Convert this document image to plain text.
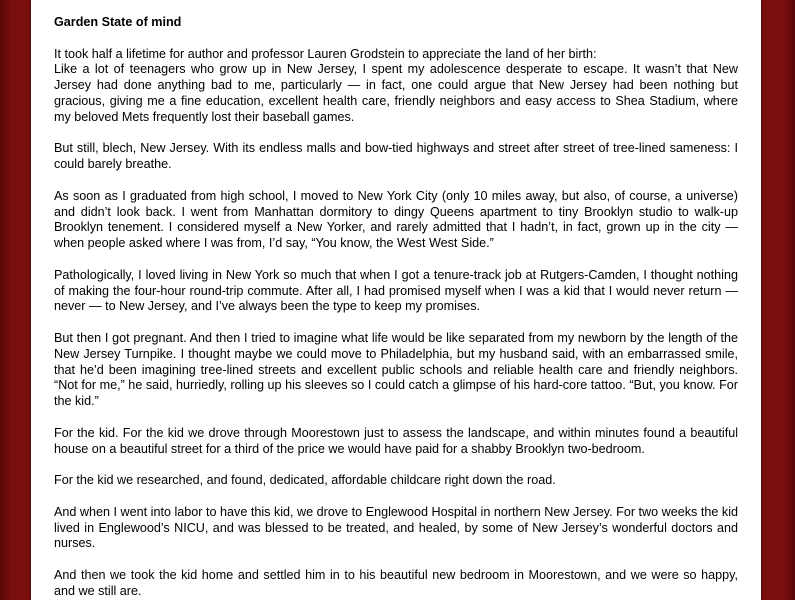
Garden State of mind
It took half a lifetime for author and professor Lauren Grodstein to appreciate the land of her birth:
Like a lot of teenagers who grow up in New Jersey, I spent my adolescence desperate to escape. It wasn’t that New Jersey had done anything bad to me, particularly — in fact, one could argue that New Jersey had been nothing but gracious, giving me a fine education, excellent health care, friendly neighbors and easy access to Shea Stadium, where my beloved Mets frequently lost their baseball games.
But still, blech, New Jersey. With its endless malls and bow-tied highways and street after street of tree-lined sameness: I could barely breathe.
As soon as I graduated from high school, I moved to New York City (only 10 miles away, but also, of course, a universe) and didn’t look back. I went from Manhattan dormitory to dingy Queens apartment to tiny Brooklyn studio to walk-up Brooklyn tenement. I considered myself a New Yorker, and rarely admitted that I hadn’t, in fact, grown up in the city — when people asked where I was from, I’d say, “You know, the West West Side.”
Pathologically, I loved living in New York so much that when I got a tenure-track job at Rutgers-Camden, I thought nothing of making the four-hour round-trip commute. After all, I had promised myself when I was a kid that I would never return — never — to New Jersey, and I’ve always been the type to keep my promises.
But then I got pregnant. And then I tried to imagine what life would be like separated from my newborn by the length of the New Jersey Turnpike. I thought maybe we could move to Philadelphia, but my husband said, with an embarrassed smile, that he’d been imagining tree-lined streets and excellent public schools and reliable health care and friendly neighbors. “Not for me,” he said, hurriedly, rolling up his sleeves so I could catch a glimpse of his hard-core tattoo. “But, you know. For the kid.”
For the kid. For the kid we drove through Moorestown just to assess the landscape, and within minutes found a beautiful house on a beautiful street for a third of the price we would have paid for a shabby Brooklyn two-bedroom.
For the kid we researched, and found, dedicated, affordable childcare right down the road.
And when I went into labor to have this kid, we drove to Englewood Hospital in northern New Jersey. For two weeks the kid lived in Englewood’s NICU, and was blessed to be treated, and healed, by some of New Jersey’s wonderful doctors and nurses.
And then we took the kid home and settled him in to his beautiful new bedroom in Moorestown, and we were so happy, and we still are.
